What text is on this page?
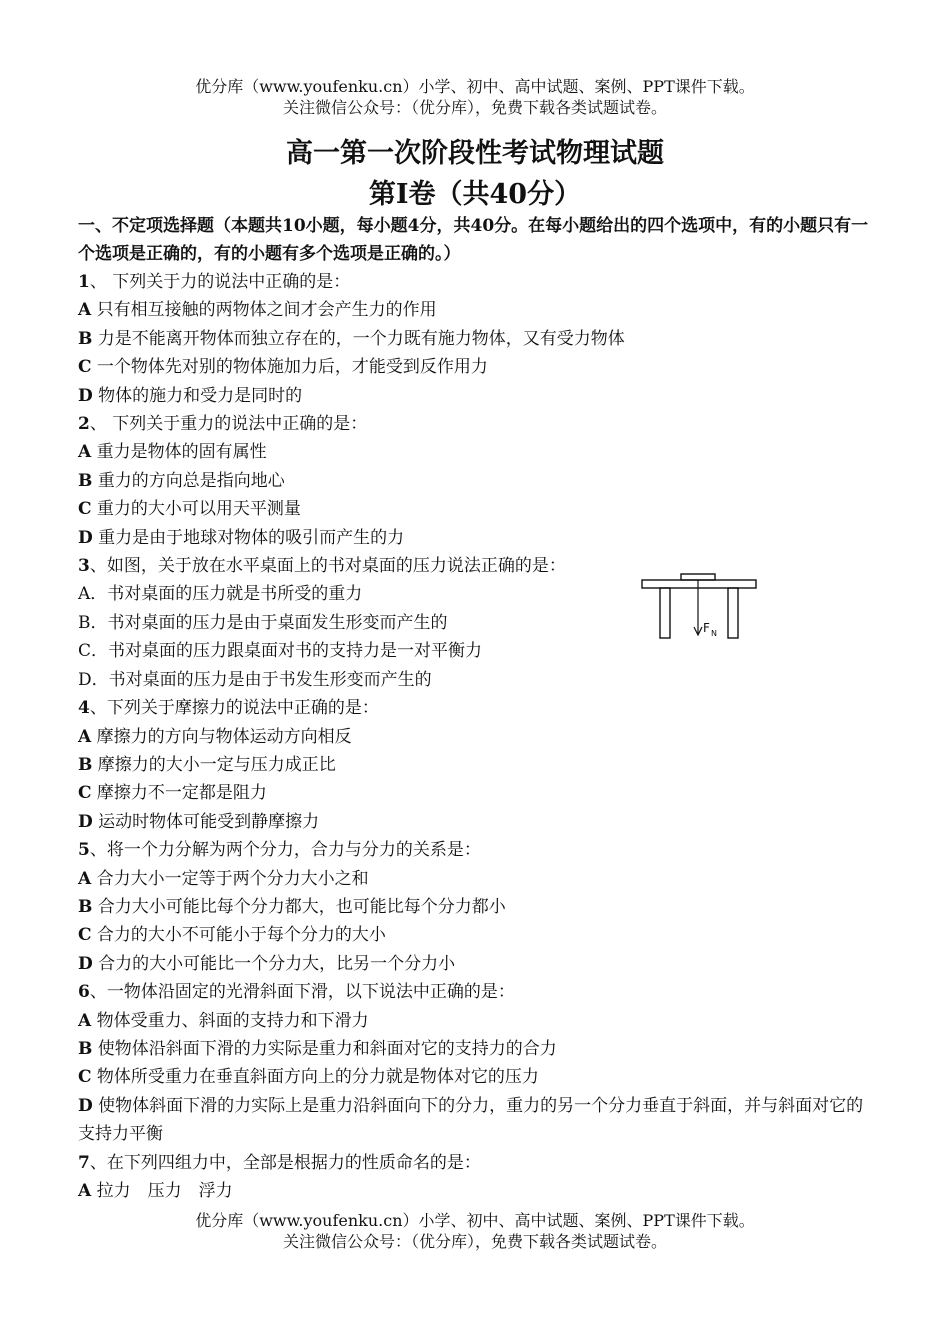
优分库（www.youfenku.cn）小学、初中、高中试题、案例、PPT课件下载。
关注微信公众号：（优分库），免费下载各类试题试卷。
高一第一次阶段性考试物理试题
第Ⅰ卷（共40分）
一、不定项选择题（本题共10小题，每小题4分，共40分。在每小题给出的四个选项中，有的小题只有一个选项是正确的，有的小题有多个选项是正确的。）
1、 下列关于力的说法中正确的是：
A 只有相互接触的两物体之间才会产生力的作用
B 力是不能离开物体而独立存在的，一个力既有施力物体，又有受力物体
C 一个物体先对别的物体施加力后，才能受到反作用力
D 物体的施力和受力是同时的
2、 下列关于重力的说法中正确的是：
A 重力是物体的固有属性
B 重力的方向总是指向地心
C 重力的大小可以用天平测量
D 重力是由于地球对物体的吸引而产生的力
3、如图，关于放在水平桌面上的书对桌面的压力说法正确的是：
A．书对桌面的压力就是书所受的重力
B．书对桌面的压力是由于桌面发生形变而产生的
C．书对桌面的压力跟桌面对书的支持力是一对平衡力
D．书对桌面的压力是由于书发生形变而产生的
4、下列关于摩擦力的说法中正确的是：
A 摩擦力的方向与物体运动方向相反
B 摩擦力的大小一定与压力成正比
C 摩擦力不一定都是阻力
D 运动时物体可能受到静摩擦力
5、将一个力分解为两个分力，合力与分力的关系是：
A 合力大小一定等于两个分力大小之和
B 合力大小可能比每个分力都大，也可能比每个分力都小
C 合力的大小不可能小于每个分力的大小
D 合力的大小可能比一个分力大，比另一个分力小
6、一物体沿固定的光滑斜面下滑，以下说法中正确的是：
A 物体受重力、斜面的支持力和下滑力
B 使物体沿斜面下滑的力实际是重力和斜面对它的支持力的合力
C 物体所受重力在垂直斜面方向上的分力就是物体对它的压力
D 使物体斜面下滑的力实际上是重力沿斜面向下的分力，重力的另一个分力垂直于斜面，并与斜面对它的支持力平衡
7、在下列四组力中，全部是根据力的性质命名的是：
A 拉力　压力　浮力
F N
优分库（www.youfenku.cn）小学、初中、高中试题、案例、PPT课件下载。
关注微信公众号：（优分库），免费下载各类试题试卷。
